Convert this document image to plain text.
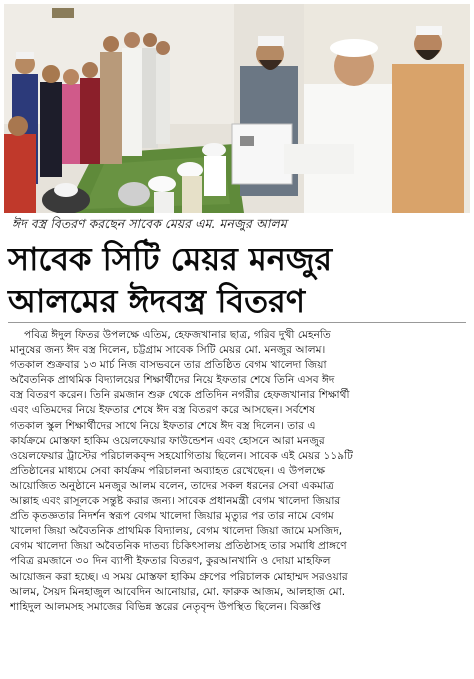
ঈদ বস্ত্র বিতরণ করছেন সাবেক মেয়র এম. মনজুর আলম
সাবেক সিটি মেয়র মনজুর
আলমের ঈদবস্ত্র বিতরণ
পবিত্র ঈদুল ফিতর উপলক্ষে এতিম, হেফজখানার ছাত্র, গরিব দুখী মেহনতি
মানুষের জন্য ঈদ বস্ত্র দিলেন, চট্টগ্রাম সাবেক সিটি মেয়র মো. মনজুর আলম।
গতকাল শুক্রবার ১৩ মার্চ নিজ বাসভবনে তার প্রতিষ্ঠিত বেগম খালেদা জিয়া
অবৈতনিক প্রাথমিক বিদ্যালয়ের শিক্ষার্থীদের নিয়ে ইফতার শেষে তিনি এসব ঈদ
বস্ত্র বিতরণ করেন। তিনি রমজান শুরু থেকে প্রতিদিন নগরীর হেফজখানার শিক্ষার্থী
এবং এতিমদের নিয়ে ইফতার শেষে ঈদ বস্ত্র বিতরণ করে আসছেন। সর্বশেষ
গতকাল স্কুল শিক্ষার্থীদের সাথে নিয়ে ইফতার শেষে ঈদ বস্ত্র দিলেন। তার এ
কার্যক্রমে মোস্তফা হাকিম ওয়েলফেয়ার ফাউন্ডেশন এবং হোসনে আরা মনজুর
ওয়েলফেয়ার ট্রাস্টের পরিচালকবৃন্দ সহযোগিতায় ছিলেন। সাবেক এই মেয়র ১১৯টি
প্রতিষ্ঠানের মাধ্যমে সেবা কার্যক্রম পরিচালনা অব্যাহত রেখেছেন। এ উপলক্ষে
আয়োজিত অনুষ্ঠানে মনজুর আলম বলেন, তাদের সকল ধরনের সেবা একমাত্র
আল্লাহ এবং রাসূলকে সন্তুষ্ট করার জন্য। সাবেক প্রধানমন্ত্রী বেগম খালেদা জিয়ার
প্রতি কৃতজ্ঞতার নিদর্শন স্বরূপ বেগম খালেদা জিয়ার মৃত্যুর পর তার নামে বেগম
খালেদা জিয়া অবৈতনিক প্রাথমিক বিদ্যালয়, বেগম খালেদা জিয়া জামে মসজিদ,
বেগম খালেদা জিয়া অবৈতনিক দাতব্য চিকিৎসালয় প্রতিষ্ঠাসহ তার সমাধি প্রাঙ্গণে
পবিত্র রমজানে ৩০ দিন ব্যাপী ইফতার বিতরণ, কুরআনখানি ও দোয়া মাহফিল
আয়োজন করা হচ্ছে। এ সময় মোস্তফা হাকিম গ্রুপের পরিচালক মোহাম্মদ সরওয়ার
আলম, সৈয়দ মিনহাজুল আবেদিন আনোয়ার, মো. ফারুক আজম, আলহাজ মো.
শাহিদুল আলমসহ সমাজের বিভিন্ন স্তরের নেতৃবৃন্দ উপস্থিত ছিলেন। বিজ্ঞপ্তি
